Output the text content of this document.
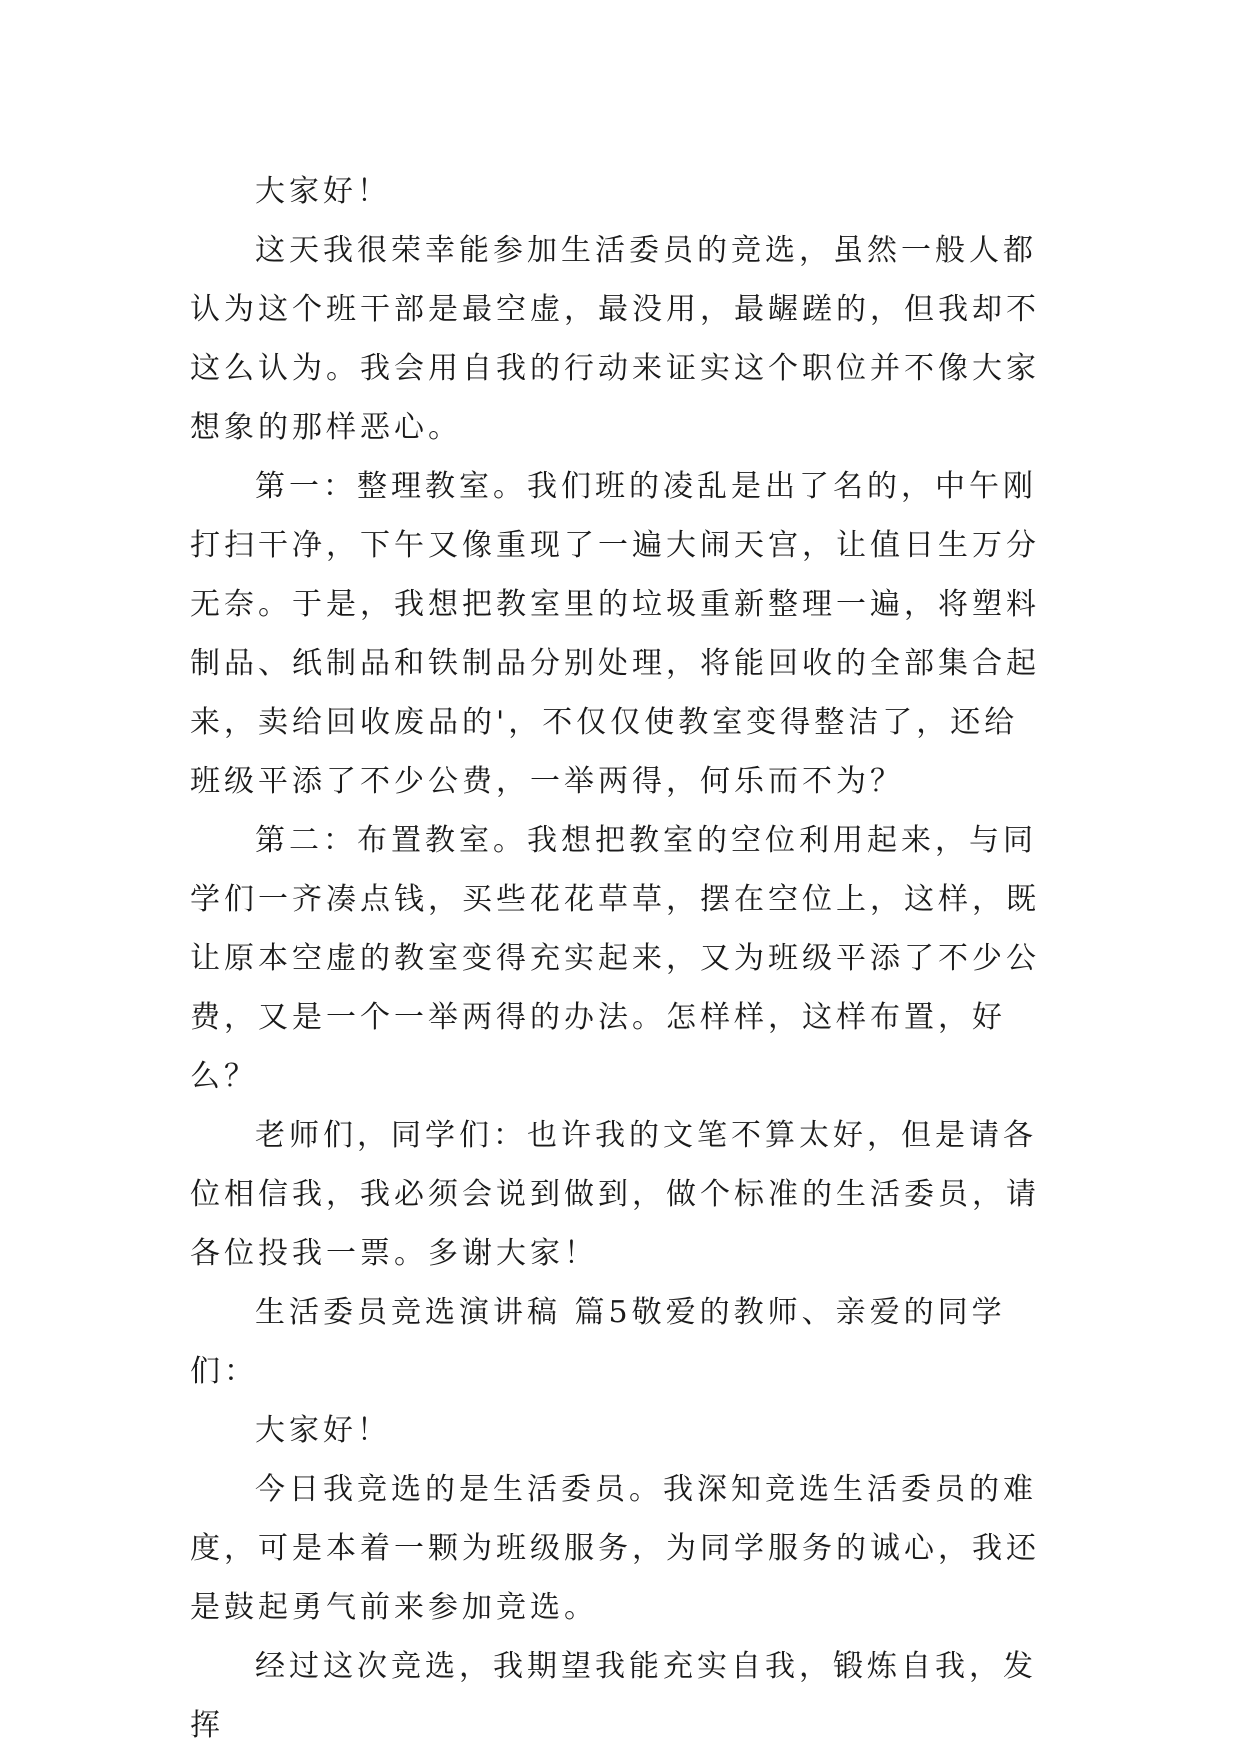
大家好！

这天我很荣幸能参加生活委员的竞选，虽然一般人都认为这个班干部是最空虚，最没用，最龌蹉的，但我却不这么认为。我会用自我的行动来证实这个职位并不像大家想象的那样恶心。

第一：整理教室。我们班的凌乱是出了名的，中午刚打扫干净，下午又像重现了一遍大闹天宫，让值日生万分无奈。于是，我想把教室里的垃圾重新整理一遍，将塑料制品、纸制品和铁制品分别处理，将能回收的全部集合起来，卖给回收废品的'，不仅仅使教室变得整洁了，还给班级平添了不少公费，一举两得，何乐而不为？

第二：布置教室。我想把教室的空位利用起来，与同学们一齐凑点钱，买些花花草草，摆在空位上，这样，既让原本空虚的教室变得充实起来，又为班级平添了不少公费，又是一个一举两得的办法。怎样样，这样布置，好么？

老师们，同学们：也许我的文笔不算太好，但是请各位相信我，我必须会说到做到，做个标准的生活委员，请各位投我一票。多谢大家！

生活委员竞选演讲稿 篇5敬爱的教师、亲爱的同学们：

大家好！

今日我竞选的是生活委员。我深知竞选生活委员的难度，可是本着一颗为班级服务，为同学服务的诚心，我还是鼓起勇气前来参加竞选。

经过这次竞选，我期望我能充实自我，锻炼自我，发挥
